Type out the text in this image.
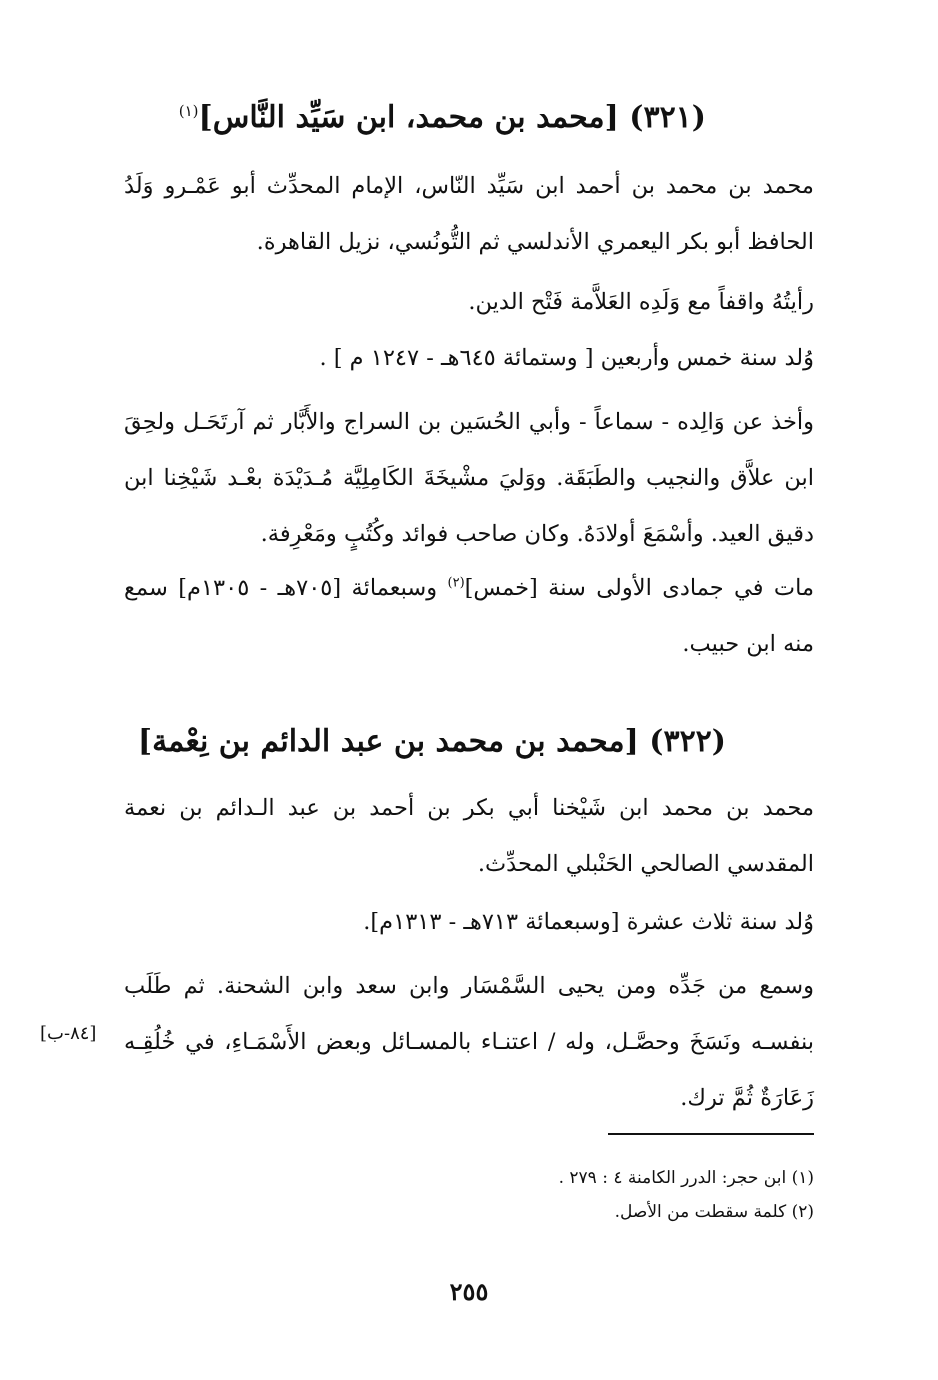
(٣٢١) [محمد بن محمد، ابن سَيِّد النَّاس]$^{(١)}$
محمد بن محمد بن أحمد ابن سَيِّد النّاس، الإمام المحدِّث أبو عَمْـرو وَلَدُ الحافظ أبو بكر اليعمري الأندلسي ثم التُّونُسي، نزيل القاهرة.
رأيتُهُ واقفاً مع وَلَدِه العَلاَّمة فَتْح الدين.
وُلد سنة خمس وأربعين [ وستمائة ٦٤٥هـ - ١٢٤٧ م ] .
وأخذ عن وَالِده - سماعاً - وأبي الحُسَين بن السراج والأَبَّار ثم آرتَحَـل ولحِقَ ابن علاَّق والنجيب والطَبَقَة. ووَليَ مشْيخَةَ الكَامِلِيَّة مُـدَيْدَة بعْـد شَيْخِنا ابن دقيق العيد. وأسْمَعَ أولادَهُ. وكان صاحب فوائد وكُتُبٍ ومَعْرِفة.
مات في جمادى الأولى سنة [خمس]$^{(٢)}$ وسبعمائة [٧٠٥هـ - ١٣٠٥م] سمع منه ابن حبيب.
(٣٢٢) [محمد بن محمد بن عبد الدائم بن نِعْمة]
محمد بن محمد ابن شَيْخنا أبي بكر بن أحمد بن عبد الـدائم بن نعمة المقدسي الصالحي الحَنْبلي المحدِّث.
وُلد سنة ثلاث عشرة [وسبعمائة ٧١٣هـ - ١٣١٣م].
وسمع من جَدِّه ومن يحيى السَّمْسَار وابن سعد وابن الشحنة. ثم طَلَب بنفسـه ونَسَخَ وحصَّـل، وله / اعتنـاء بالمسـائل وبعض الأَسْمَـاءِ، في خُلُقِـه زَعَارَةٌ ثُمَّ ترك.
[٨٤-ب]
(١) ابن حجر: الدرر الكامنة ٤ : ٢٧٩ .
(٢) كلمة سقطت من الأصل.
٢٥٥
